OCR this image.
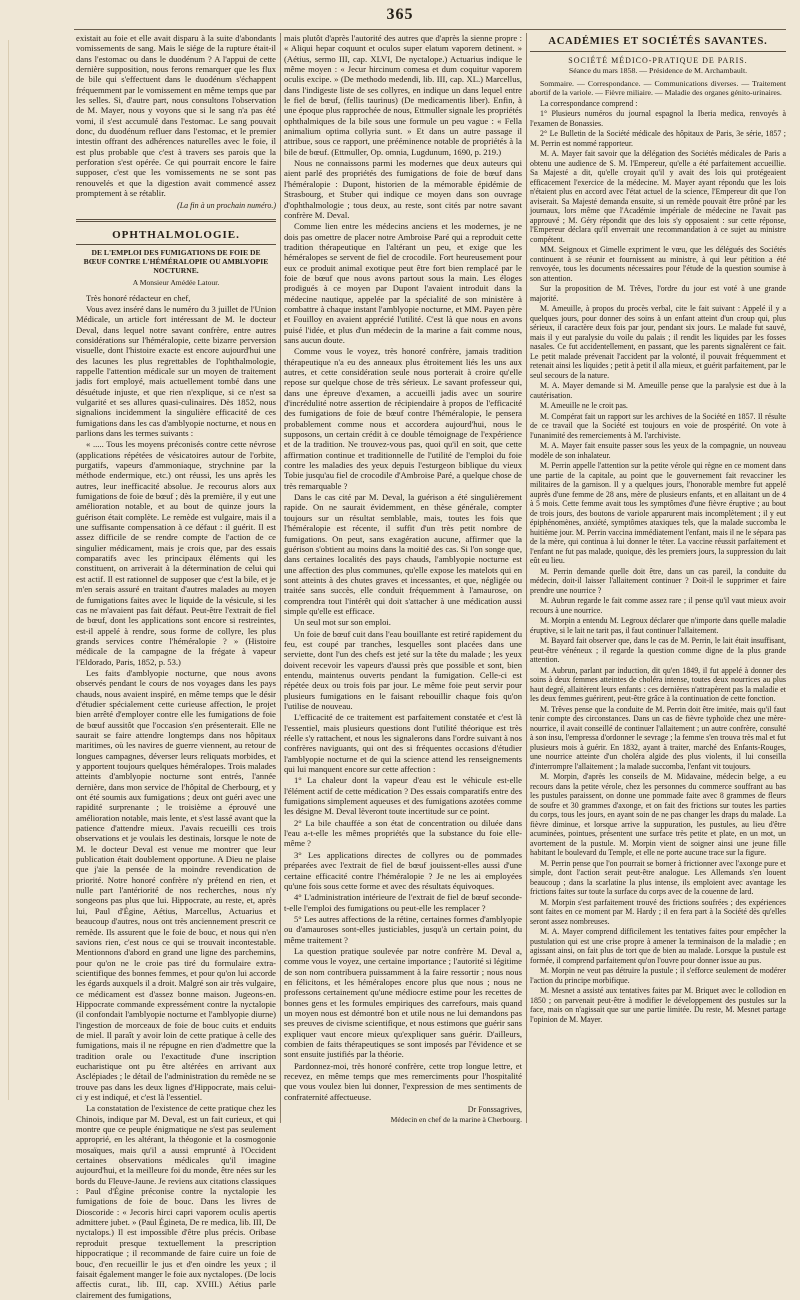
365

existait au foie et elle avait disparu à la suite d'abondants vomissements de sang. Mais le siége de la rupture était-il dans l'estomac ou dans le duodénum ? A l'appui de cette dernière supposition, nous ferons remarquer que les flux de bile qui s'effectuent dans le duodénum s'échappent fréquemment par le vomissement en même temps que par les selles. Si, d'autre part, nous consultons l'observation de M. Mayer, nous y voyons que si le sang n'a pas été vomi, il s'est accumulé dans l'estomac. Le sang pouvait donc, du duodénum refluer dans l'estomac, et le premier intestin offrant des adhérences naturelles avec le foie, il est plus probable que c'est à travers ses parois que la perforation s'est opérée. Ce qui pourrait encore le faire supposer, c'est que les vomissements ne se sont pas renouvelés et que la digestion avait commencé assez promptement à se rétablir.

(La fin à un prochain numéro.)
OPHTHALMOLOGIE.
DE L'EMPLOI DES FUMIGATIONS DE FOIE DE BŒUF CONTRE L'HÉMÉRALOPIE OU AMBLYOPIE NOCTURNE.
A Monsieur Amédée Latour.

Très honoré rédacteur en chef,

Vous avez inséré dans le numéro du 3 juillet de l'Union Médicale, un article fort intéressant de M. le docteur Deval, dans lequel notre savant confrère, entre autres considérations sur l'héméralopie, cette bizarre perversion visuelle, dont l'histoire exacte est encore aujourd'hui une des lacunes les plus regrettables de l'ophthalmologie, rappelle l'attention médicale sur un moyen de traitement jadis fort employé, mais actuellement tombé dans une désuétude injuste, et que rien n'explique, si ce n'est sa vulgarité et ses allures quasi-culinaires. Dès 1852, nous signalions incidemment la singulière efficacité de ces fumigations dans les cas d'amblyopie nocturne, et nous en parlions dans les termes suivants :

« ..... Tous les moyens préconisés contre cette névrose (applications répétées de vésicatoires autour de l'orbite, purgatifs, vapeurs d'ammoniaque, strychnine par la méthode endermique, etc.) ont réussi, les uns après les autres, leur inefficacité absolue. Je recourus alors aux fumigations de foie de bœuf ; dès la première, il y eut une amélioration notable, et au bout de quinze jours la guérison était complète. Le remède est vulgaire, mais il a une suffisante compensation à ce défaut : il guérit. Il est assez difficile de se rendre compte de l'action de ce singulier médicament, mais je crois que, par des essais comparatifs avec les principaux éléments qui les constituent, on arriverait à la détermination de celui qui est actif. Il est rationnel de supposer que c'est la bile, et je m'en serais assuré en traitant d'autres malades au moyen de fumigations faites avec le liquide de la vésicule, si les cas ne m'avaient pas fait défaut. Peut-être l'extrait de fiel de bœuf, dont les applications sont encore si restreintes, est-il appelé à rendre, sous forme de collyre, les plus grands services contre l'héméralopie ? » (Histoire médicale de la campagne de la frégate à vapeur l'Eldorado, Paris, 1852, p. 53.)

Les faits d'amblyopie nocturne, que nous avons observés pendant le cours de nos voyages dans les pays chauds, nous avaient inspiré, en même temps que le désir d'étudier spécialement cette curieuse affection, le projet bien arrêté d'employer contre elle les fumigations de foie de bœuf aussitôt que l'occasion s'en présenterait. Elle ne saurait se faire attendre longtemps dans nos hôpitaux maritimes, où les navires de guerre viennent, au retour de longues campagnes, déverser leurs reliquats morbides, et y apportent toujours quelques héméralopes. Trois malades atteints d'amblyopie nocturne sont entrés, l'année dernière, dans mon service de l'hôpital de Cherbourg, et y ont été soumis aux fumigations ; deux ont guéri avec une rapidité surprenante ; le troisième a éprouvé une amélioration notable, mais lente, et s'est lassé avant que la patience d'attendre mieux. J'avais recueilli ces trois observations et je voulais les destinais, lorsque le note de M. le docteur Deval est venue me montrer que leur publication était doublement opportune. A Dieu ne plaise que j'aie la pensée de la moindre revendication de priorité. Notre honoré confrère n'y prétend en rien, et nulle part l'antériorité de nos recherches, nous n'y songeons pas plus que lui. Hippocrate, au reste, et, après lui, Paul d'Égine, Aétius, Marcellus, Actuarius et beaucoup d'autres, nous ont très anciennement prescrit ce remède. Ils assurent que le foie de bouc, et nous qui n'en savions rien, c'est nous ce qui se trouvait incontestable. Mentionnons d'abord en grand une ligne des parchemins, pour qu'on ne le croie pas tiré du formulaire extra-scientifique des bonnes femmes, et pour qu'on lui accorde les égards auxquels il a droit. Malgré son air très vulgaire, ce médicament est d'assez bonne maison. Jugeons-en. Hippocrate commande expressément contre la nyctalopie (il confondait l'amblyopie nocturne et l'amblyopie diurne) l'ingestion de morceaux de foie de bouc cuits et enduits de miel. Il paraît y avoir loin de cette pratique à celle des fumigations, mais il ne répugne en rien d'admettre que la tradition orale ou l'exactitude d'une inscription eucharistique ont pu être altérées en arrivant aux Asclépiades ; le détail de l'administration du remède ne se trouve pas dans les deux lignes d'Hippocrate, mais celui-ci y est indiqué, et c'est là l'essentiel.

La constatation de l'existence de cette pratique chez les Chinois, indique par M. Deval, est un fait curieux, et qui montre que ce peuple énigmatique ne s'est pas seulement approprié, en les altérant, la théogonie et la cosmogonie mosaïques, mais qu'il a aussi emprunté à l'Occident certaines observations médicales qu'il imagine aujourd'hui, et la meilleure foi du monde, être nées sur les bords du Fleuve-Jaune. Je reviens aux citations classiques : Paul d'Égine préconise contre la nyctalopie les fumigations de foie de bouc. Dans les livres de Dioscoride : « Jecoris hirci capri vaporem oculis apertis admittere jubet. » (Paul Égineta, De re medica, lib. III, De nyctalops.) Il est impossible d'être plus précis. Oribase reproduit presque textuellement la prescription hippocratique ; il recommande de faire cuire un foie de bouc, d'en recueillir le jus et d'en oindre les yeux ; il faisait également manger le foie aux nyctalopes. (De locis affectis curat., lib. III, cap. XVIII.) Aétius parle clairement des fumigations,

mais plutôt d'après l'autorité des autres que d'après la sienne propre : « Aliqui hepar coquunt et oculos super elatum vaporem detinent. » (Aétius, sermo III, cap. XLVI, De nyctalope.) Actuarius indique le même moyen : « Jecur hircinum comesa et dum coquitur vaporem oculis excipe. » (De methodo medendi, lib. III, cap. XL.) Marcellus, dans l'indigeste liste de ses collyres, en indique un dans lequel entre le fiel de bœuf, (fellis taurinus) (De medicamentis liber). Enfin, à une époque plus rapprochée de nous, Ettmuller signale les propriétés ophthalmiques de la bile sous une formule un peu vague : « Fella animalium optima collyria sunt. » Et dans un autre passage il attribue, sous ce rapport, une prééminence notable de propriétés à la bile de bœuf. (Ettmuller, Op. omnia, Lugdunum, 1690, p. 219.)

Nous ne connaissons parmi les modernes que deux auteurs qui aient parlé des propriétés des fumigations de foie de bœuf dans l'héméralopie : Dupont, historien de la mémorable épidémie de Strasbourg, et Stuber qui indique ce moyen dans son ouvrage d'ophthalmologie ; tous deux, au reste, sont cités par notre savant confrère M. Deval.

Comme lien entre les médecins anciens et les modernes, je ne dois pas omettre de placer notre Ambroise Paré qui a reproduit cette tradition thérapeutique en l'altérant un peu, et exige que les héméralopes se servent de fiel de crocodile. Fort heureusement pour eux ce produit animal exotique peut être fort bien remplacé par le foie de bœuf que nous avons partout sous la main. Les éloges prodigués à ce moyen par Dupont l'avaient introduit dans la médecine nautique, appelée par la spécialité de son ministère à combattre à chaque instant l'amblyopie nocturne, et MM. Payen père et Fouilloy en avaient apprécié l'utilité. C'est là que nous en avons puisé l'idée, et plus d'un médecin de la marine a fait comme nous, sans aucun doute.

Comme vous le voyez, très honoré confrère, jamais tradition thérapeutique n'a eu des anneaux plus étroitement liés les uns aux autres, et cette considération seule nous porterait à croire qu'elle repose sur quelque chose de très sérieux. Le savant professeur qui, dans une épreuve d'examen, a accueilli jadis avec un sourire d'incrédulité notre assertion de récipiendaire à propos de l'efficacité des fumigations de foie de bœuf contre l'héméralopie, le pensera probablement comme nous et accordera aujourd'hui, nous le supposons, un certain crédit à ce double témoignage de l'expérience et de la tradition. Ne trouvez-vous pas, quoi qu'il en soit, que cette affirmation continue et traditionnelle de l'utilité de l'emploi du foie contre les maladies des yeux depuis l'esturgeon biblique du vieux Tobie jusqu'au fiel de crocodile d'Ambroise Paré, a quelque chose de très remarquable ?

Dans le cas cité par M. Deval, la guérison a été singulièrement rapide. On ne saurait évidemment, en thèse générale, compter toujours sur un résultat semblable, mais, toutes les fois que l'héméralopie est récente, il suffit d'un très petit nombre de fumigations. On peut, sans exagération aucune, affirmer que la guérison s'obtient au moins dans la moitié des cas. Si l'on songe que, dans certaines localités des pays chauds, l'amblyopie nocturne est une affection des plus communes, qu'elle expose les matelots qui en sont atteints à des chutes graves et incessantes, et que, négligée ou traitée sans succès, elle conduit fréquemment à l'amaurose, on comprendra tout l'intérêt qui doit s'attacher à une médication aussi simple qu'elle est efficace.

Un seul mot sur son emploi.

Un foie de bœuf cuit dans l'eau bouillante est retiré rapidement du feu, est coupé par tranches, lesquelles sont placées dans une serviette, dont l'un des chefs est jeté sur la tête du malade ; les yeux doivent recevoir les vapeurs d'aussi près que possible et sont, bien entendu, maintenus ouverts pendant la fumigation. Celle-ci est répétée deux ou trois fois par jour. Le même foie peut servir pour plusieurs fumigations en le faisant rebouillir chaque fois qu'on l'utilise de nouveau.

L'efficacité de ce traitement est parfaitement constatée et c'est là l'essentiel, mais plusieurs questions dont l'utilité théorique est très réelle s'y rattachent, et nous les signalerons dans l'ordre suivant à nos confrères naviguants, qui ont des si fréquentes occasions d'étudier l'amblyopie nocturne et de qui la science attend les renseignements qui lui manquent encore sur cette affection :

1° La chaleur dont la vapeur d'eau est le véhicule est-elle l'élément actif de cette médication ? Des essais comparatifs entre des fumigations simplement aqueuses et des fumigations azotées comme les désigne M. Deval lèveront toute incertitude sur ce point.

2° La bile chauffée a son état de concentration ou diluée dans l'eau a-t-elle les mêmes propriétés que la substance du foie elle-même ?

3° Les applications directes de collyres ou de pommades préparées avec l'extrait de fiel de bœuf jouissent-elles aussi d'une certaine efficacité contre l'héméralopie ? Je ne les ai employées qu'une fois sous cette forme et avec des résultats équivoques.

4° L'administration intérieure de l'extrait de fiel de bœuf seconde-t-elle l'emploi des fumigations ou peut-elle les remplacer ?

5° Les autres affections de la rétine, certaines formes d'amblyopie ou d'amauroses sont-elles justiciables, jusqu'à un certain point, du même traitement ?

La question pratique soulevée par notre confrère M. Deval a, comme vous le voyez, une certaine importance ; l'autorité si légitime de son nom contribuera puissamment à la faire ressortir ; nous nous en félicitons, et les héméralopes encore plus que nous ; nous ne professons certainement qu'une médiocre estime pour les recettes de bonnes gens et les formules empiriques des carrefours, mais quand un moyen nous est démontré bon et utile nous ne lui demandons pas ses preuves de civisme scientifique, et nous estimons que guérir sans expliquer vaut encore mieux qu'expliquer sans guérir. D'ailleurs, combien de faits thérapeutiques se sont imposés par l'évidence et se sont ensuite justifiés par la théorie.

Pardonnez-moi, très honoré confrère, cette trop longue lettre, et recevez, en même temps que mes remerciments pour l'hospitalité que vous voulez bien lui donner, l'expression de mes sentiments de confraternité affectueuse.

Dr Fonssagrives,
Médecin en chef de la marine à Cherbourg.
ACADÉMIES ET SOCIÉTÉS SAVANTES.
SOCIÉTÉ MÉDICO-PRATIQUE DE PARIS.
Séance du mars 1858. — Présidence de M. Archambault.

Sommaire. — Correspondance. — Communications diverses. — Traitement abortif de la variole. — Fièvre miliaire. — Maladie des organes génito-urinaires.

La correspondance comprend :

1° Plusieurs numéros du journal espagnol la Iberia medica, renvoyés à l'examen de Bonassies.

2° Le Bulletin de la Société médicale des hôpitaux de Paris, 3e série, 1857 ; M. Perrin est nommé rapporteur.

M. A. Mayer fait savoir que la délégation des Sociétés médicales de Paris a obtenu une audience de S. M. l'Empereur, qu'elle a été parfaitement accueillie. Sa Majesté a dit, qu'elle croyait qu'il y avait des lois qui protégeaient efficacement l'exercice de la médecine. M. Mayer ayant répondu que les lois n'étaient plus en accord avec l'état actuel de la science, l'Empereur dit que l'on aviserait. Sa Majesté demanda ensuite, si un remède pouvait être prôné par les journaux, lors même que l'Académie impériale de médecine ne l'avait pas approuvé ; M. Géry répondit que des lois s'y opposaient : sur cette réponse, l'Empereur déclara qu'il enverrait une recommandation à ce sujet au ministre compétent.

MM. Seignoux et Gimelle expriment le vœu, que les délégués des Sociétés continuent à se réunir et fournissent au ministre, à qui leur pétition a été renvoyée, tous les documents nécessaires pour l'étude de la question soumise à son attention.

Sur la proposition de M. Trêves, l'ordre du jour est voté à une grande majorité.

M. Ameuille, à propos du procès verbal, cite le fait suivant : Appelé il y a quelques jours, pour donner des soins à un enfant atteint d'un croup qui, plus sérieux, il caractère deux fois par jour, pendant six jours. Le malade fut sauvé, mais il y eut paralysie du voile du palais ; il rendit les liquides par les fosses nasales. Ce fut accidentellement, en passant, que les parents signalèrent ce fait. Le petit malade prévenait l'accident par la volonté, il pouvait fréquemment et retenait ainsi les liquides ; petit à petit il alla mieux, et guérit parfaitement, par le seul secours de la nature.

M. A. Mayer demande si M. Ameuille pense que la paralysie est due à la cautérisation.

M. Ameuille ne le croit pas.

M. Compérat fait un rapport sur les archives de la Société en 1857. Il résulte de ce travail que la Société est toujours en voie de prospérité. On vote à l'unanimité des remerciements à M. l'archiviste.

M. A. Mayer fait ensuite passer sous les yeux de la compagnie, un nouveau modèle de son inhalateur.

M. Perrin appelle l'attention sur la petite vérole qui règne en ce moment dans une partie de la capitale, au point que le gouvernement fait revacciner les militaires de la garnison. Il y a quelques jours, l'honorable membre fut appelé auprès d'une femme de 28 ans, mère de plusieurs enfants, et en allaitant un de 4 à 5 mois. Cette femme avait tous les symptômes d'une fièvre éruptive ; au bout de trois jours, des boutons de variole apparurent mais incomplètement ; il y eut épiphénomènes, anxiété, symptômes ataxiques tels, que la malade succomba le huitième jour. M. Perrin vaccina immédiatement l'enfant, mais il ne le sépara pas de la mère, qui continua à lui donner le téter. La vaccine réussit parfaitement et l'enfant ne fut pas malade, quoique, dès les premiers jours, la suppression du lait eût eu lieu.

M. Perrin demande quelle doit être, dans un cas pareil, la conduite du médecin, doit-il laisser l'allaitement continuer ? Doit-il le supprimer et faire prendre une nourrice ?

M. Aubrun regarde le fait comme assez rare ; il pense qu'il vaut mieux avoir recours à une nourrice.

M. Morpin a entendu M. Legroux déclarer que n'importe dans quelle maladie éruptive, si le lait ne tarit pas, il faut continuer l'allaitement.

M. Bayard fait observer que, dans le cas de M. Perrin, le lait était insuffisant, peut-être vénéneux ; il regarde la question comme digne de la plus grande attention.

M. Aubrun, parlant par induction, dit qu'en 1849, il fut appelé à donner des soins à deux femmes atteintes de choléra intense, toutes deux nourrices au plus haut degré, allaitèrent leurs enfants : ces dernières n'attrapèrent pas la maladie et les deux femmes guérirent, peut-être grâce à la continuation de cette fonction.

M. Trêves pense que la conduite de M. Perrin doit être imitée, mais qu'il faut tenir compte des circonstances. Dans un cas de fièvre typhoïde chez une mère-nourrice, il avait conseillé de continuer l'allaitement ; un autre confrère, consulté à son insu, l'empressa d'ordonner le sevrage ; la femme s'en trouva très mal et fut plusieurs mois à guérir. En 1832, ayant à traiter, marché des Enfants-Rouges, une nourrice atteinte d'un choléra algide des plus violents, il lui conseilla d'interrompre l'allaitement ; la malade succomba, l'enfant vit toujours.

M. Morpin, d'après les conseils de M. Midavaine, médecin belge, a eu recours dans la petite vérole, chez les personnes du commerce souffrant au bas les pustules paraissent, on donne une pommade faite avec 8 grammes de fleurs de soufre et 30 grammes d'axonge, et on fait des frictions sur toutes les parties du corps, tous les jours, en ayant soin de ne pas changer les draps du malade. La fièvre diminue, et lorsque arrive la suppuration, les pustules, au lieu d'être acuminées, pointues, présentent une surface très petite et plate, en un mot, un avortement de la pustule. M. Morpin vient de soigner ainsi une jeune fille habitant le boulevard du Temple, et elle ne porte aucune trace sur la figure.

M. Perrin pense que l'on pourrait se borner à frictionner avec l'axonge pure et simple, dont l'action serait peut-être analogue. Les Allemands s'en louent beaucoup ; dans la scarlatine la plus intense, ils emploient avec avantage les frictions faites sur toute la surface du corps avec de la couenne de lard.

M. Morpin s'est parfaitement trouvé des frictions soufrées ; des expériences sont faites en ce moment par M. Hardy ; il en fera part à la Société dès qu'elles seront assez nombreuses.

M. A. Mayer comprend difficilement les tentatives faites pour empêcher la pustulation qui est une crise propre à amener la terminaison de la maladie ; en agissant ainsi, on fait plus de tort que de bien au malade. Lorsque la pustule est formée, il comprend parfaitement qu'on l'ouvre pour donner issue au pus.

M. Morpin ne veut pas détruire la pustule ; il s'efforce seulement de modérer l'action du principe morbifique.

M. Mesnet a assisté aux tentatives faites par M. Briquet avec le collodion en 1850 ; on parvenait peut-être à modifier le développement des pustules sur la face, mais on n'agissait que sur une partie limitée. Du reste, M. Mesnet partage l'opinion de M. Mayer.
